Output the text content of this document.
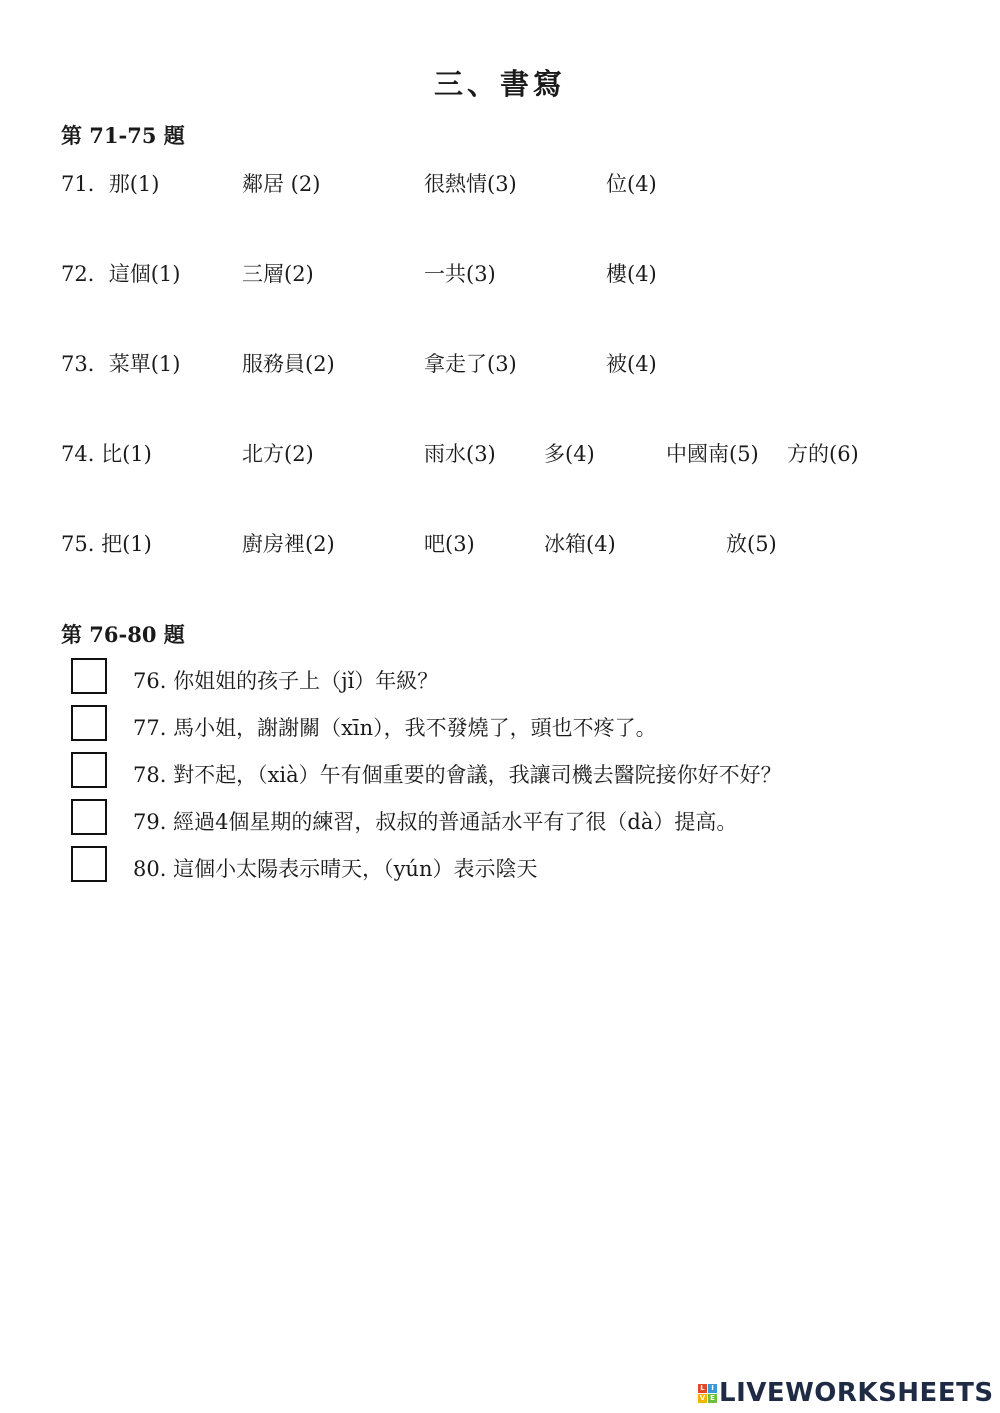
三、書寫
第 71-75 題
71．那(1)	鄰居 (2)	很熱情(3)	位(4)
72．這個(1)	三層(2)	一共(3)	樓(4)
73．菜單(1)	服務員(2)	拿走了(3)	被(4)
74. 比(1)	北方(2)	雨水(3) 多(4)	中國南(5) 方的(6)
75. 把(1)	廚房裡(2)	吧(3)	冰箱(4)	放(5)
第 76-80 題
76. 你姐姐的孩子上（jǐ）年級？
77. 馬小姐，謝謝關（xīn），我不發燒了，頭也不疼了。
78. 對不起，（xià）午有個重要的會議，我讓司機去醫院接你好不好？
79. 經過4個星期的練習，叔叔的普通話水平有了很（dà）提高。
80. 這個小太陽表示晴天，（yún）表示陰天
L I
V E LIVEWORKSHEETS
